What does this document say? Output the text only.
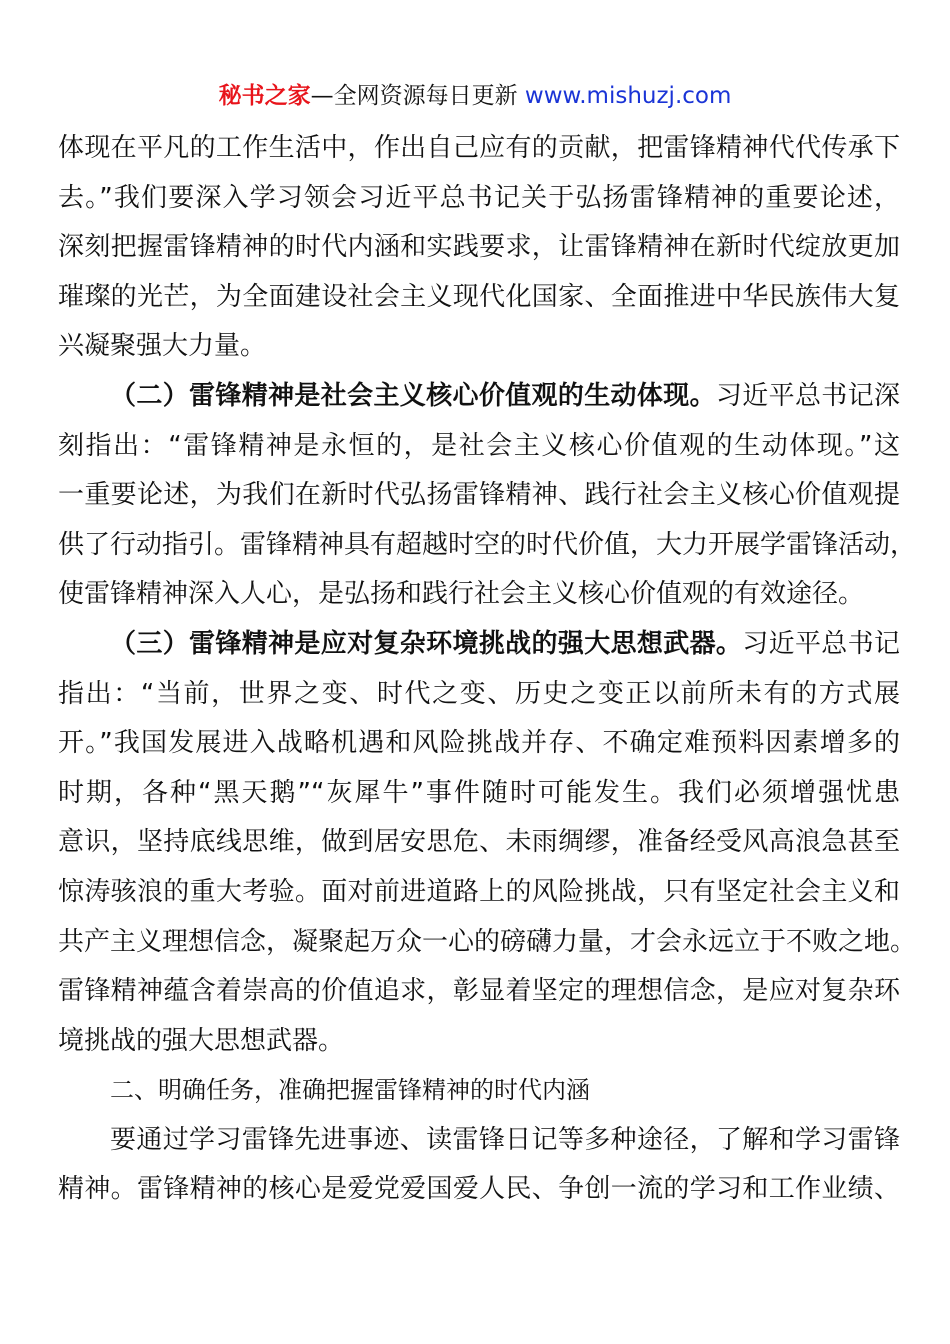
秘书之家—全网资源每日更新 www.mishuzj.com
体现在平凡的工作生活中，作出自己应有的贡献，把雷锋精神代代传承下
去。”我们要深入学习领会习近平总书记关于弘扬雷锋精神的重要论述，
深刻把握雷锋精神的时代内涵和实践要求，让雷锋精神在新时代绽放更加
璀璨的光芒，为全面建设社会主义现代化国家、全面推进中华民族伟大复
兴凝聚强大力量。
（二）雷锋精神是社会主义核心价值观的生动体现。习近平总书记深
刻指出：“雷锋精神是永恒的，是社会主义核心价值观的生动体现。”这
一重要论述，为我们在新时代弘扬雷锋精神、践行社会主义核心价值观提
供了行动指引。雷锋精神具有超越时空的时代价值，大力开展学雷锋活动，
使雷锋精神深入人心，是弘扬和践行社会主义核心价值观的有效途径。
（三）雷锋精神是应对复杂环境挑战的强大思想武器。习近平总书记
指出：“当前，世界之变、时代之变、历史之变正以前所未有的方式展
开。”我国发展进入战略机遇和风险挑战并存、不确定难预料因素增多的
时期，各种“黑天鹅”“灰犀牛”事件随时可能发生。我们必须增强忧患
意识，坚持底线思维，做到居安思危、未雨绸缪，准备经受风高浪急甚至
惊涛骇浪的重大考验。面对前进道路上的风险挑战，只有坚定社会主义和
共产主义理想信念，凝聚起万众一心的磅礴力量，才会永远立于不败之地。
雷锋精神蕴含着崇高的价值追求，彰显着坚定的理想信念，是应对复杂环
境挑战的强大思想武器。
二、明确任务，准确把握雷锋精神的时代内涵
要通过学习雷锋先进事迹、读雷锋日记等多种途径，了解和学习雷锋
精神。雷锋精神的核心是爱党爱国爱人民、争创一流的学习和工作业绩、
